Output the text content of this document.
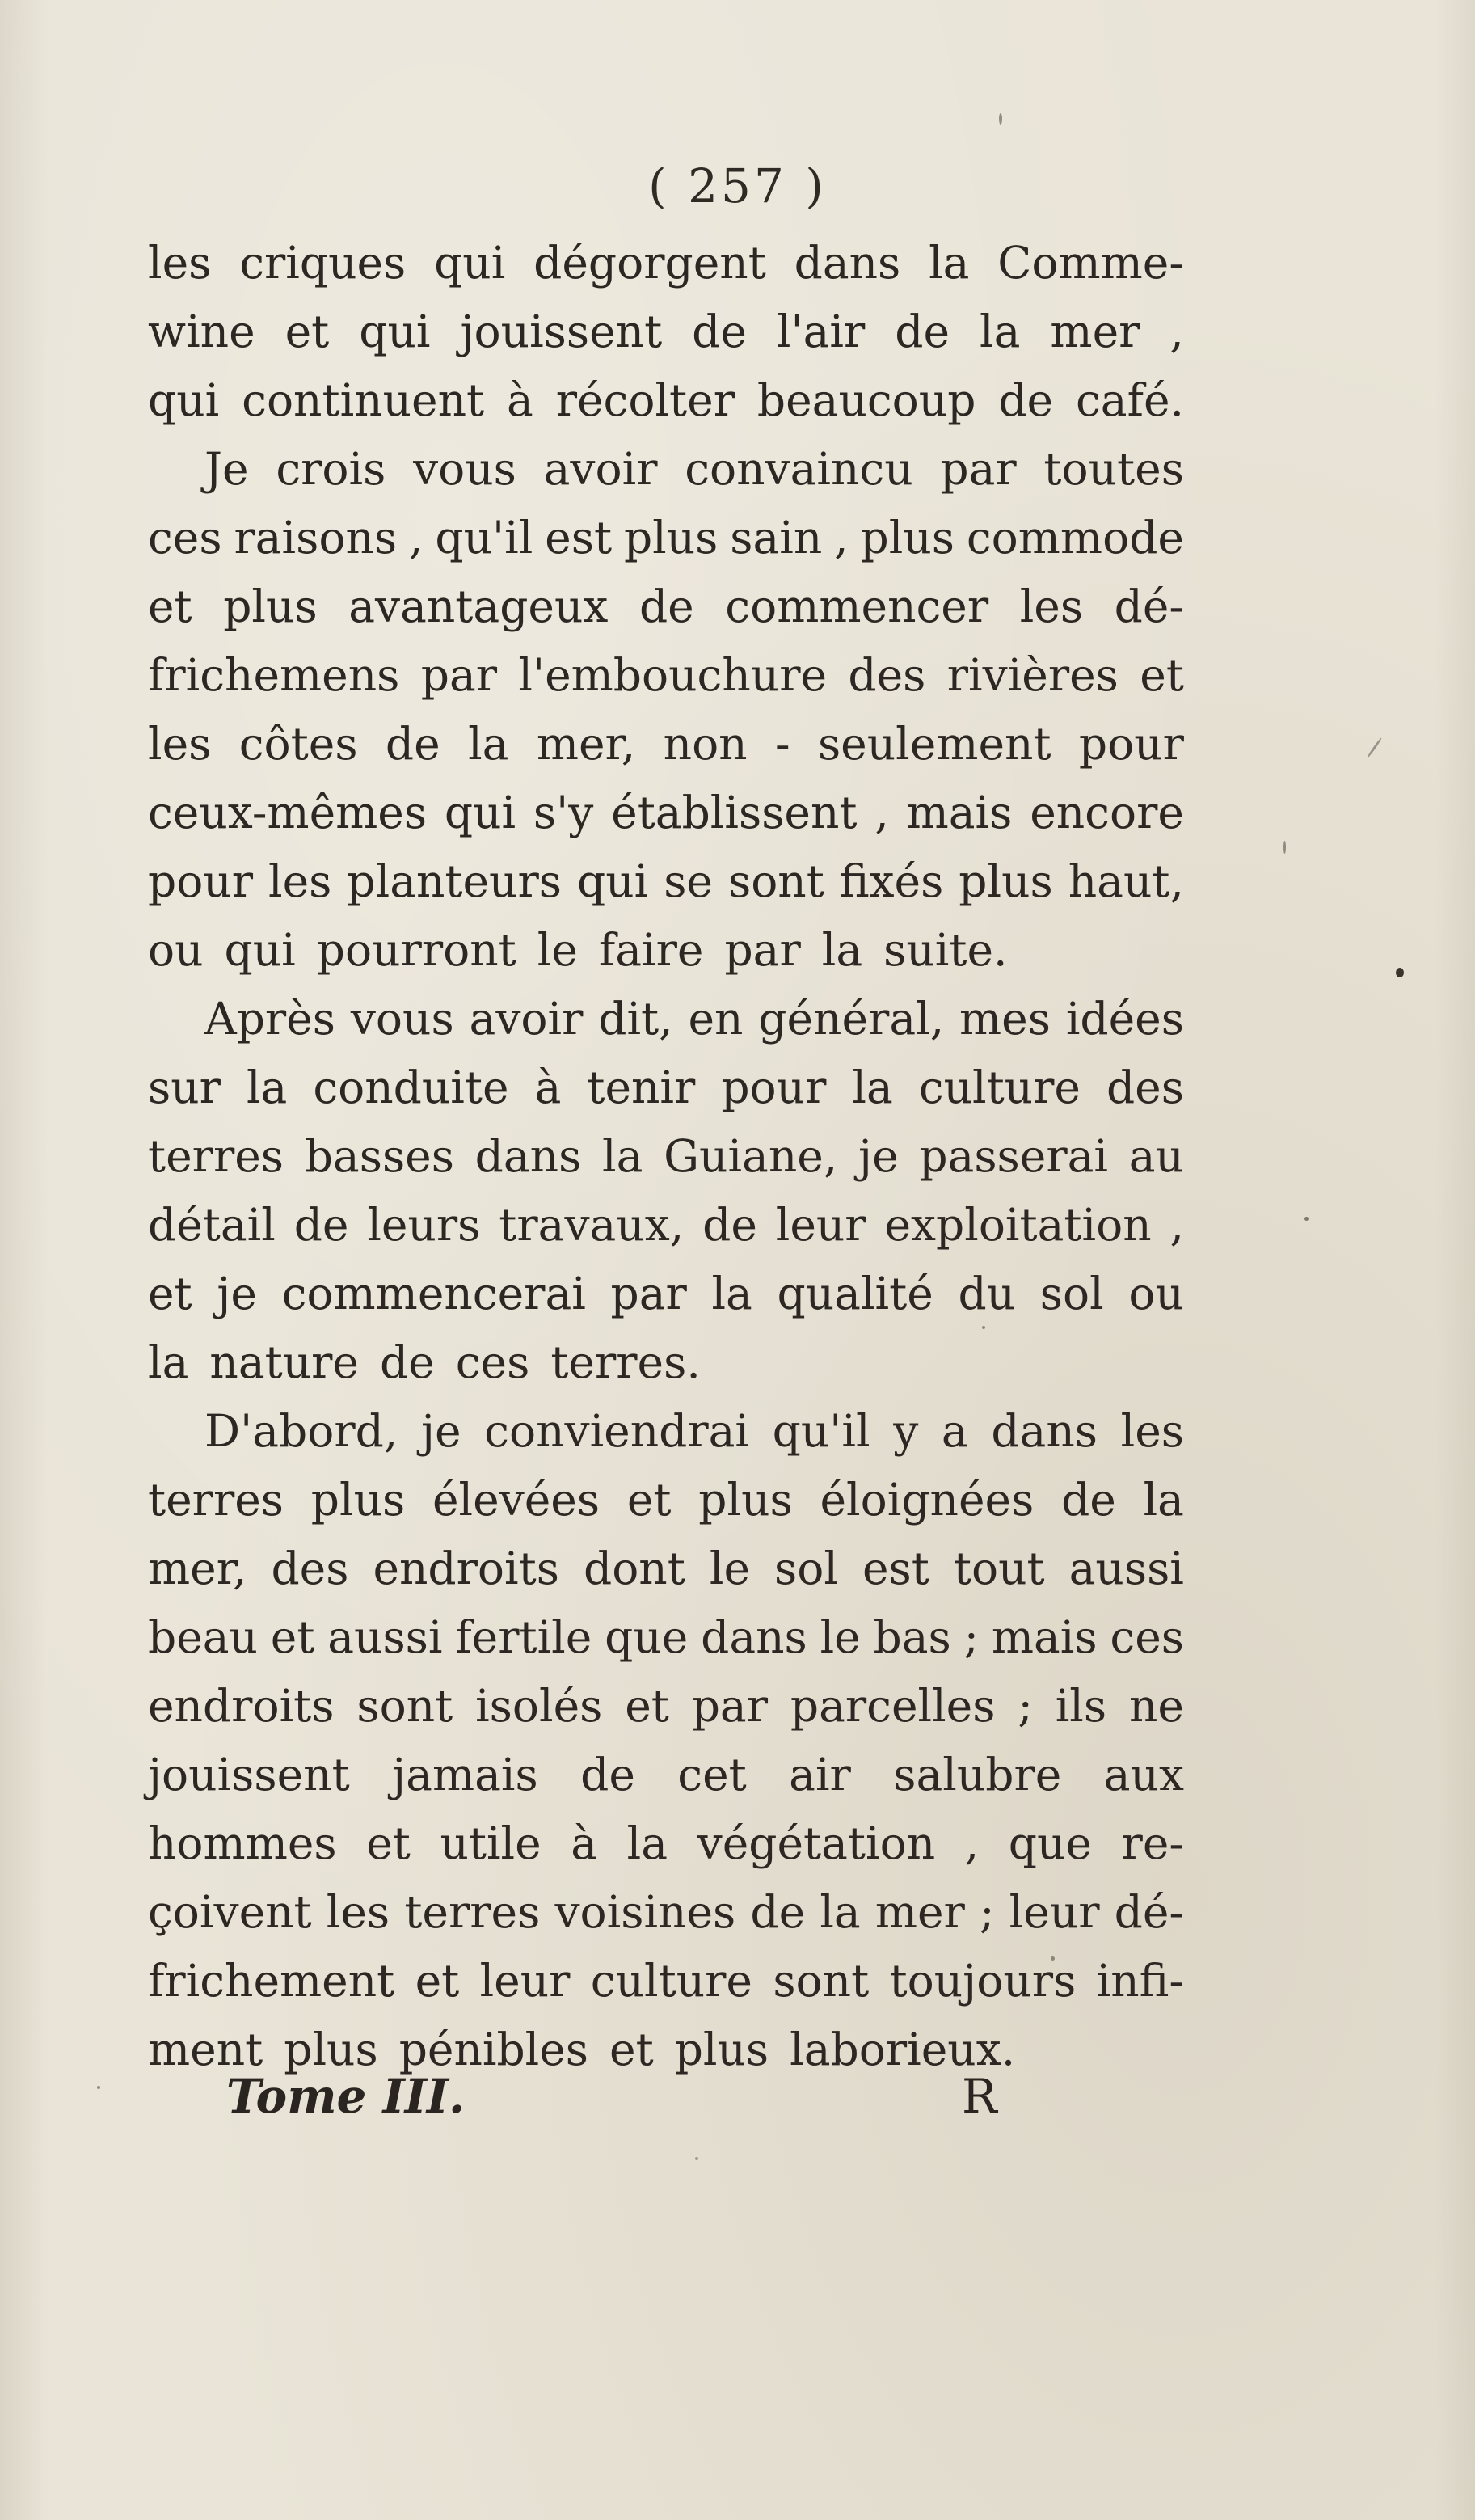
( 257 )
les criques qui dégorgent dans la Comme-
wine et qui jouissent de l'air de la mer ,
qui continuent à récolter beaucoup de café.
Je crois vous avoir convaincu par toutes
ces raisons , qu'il est plus sain , plus commode
et plus avantageux de commencer les dé-
frichemens par l'embouchure des rivières et
les côtes de la mer, non - seulement pour
ceux-mêmes qui s'y établissent , mais encore
pour les planteurs qui se sont fixés plus haut,
ou qui pourront le faire par la suite.
Après vous avoir dit, en général, mes idées
sur la conduite à tenir pour la culture des
terres basses dans la Guiane, je passerai au
détail de leurs travaux, de leur exploitation ,
et je commencerai par la qualité du sol ou
la nature de ces terres.
D'abord, je conviendrai qu'il y a dans les
terres plus élevées et plus éloignées de la
mer, des endroits dont le sol est tout aussi
beau et aussi fertile que dans le bas ; mais ces
endroits sont isolés et par parcelles ; ils ne
jouissent jamais de cet air salubre aux
hommes et utile à la végétation , que re-
çoivent les terres voisines de la mer ; leur dé-
frichement et leur culture sont toujours infi-
ment plus pénibles et plus laborieux.
Tome III.	R
